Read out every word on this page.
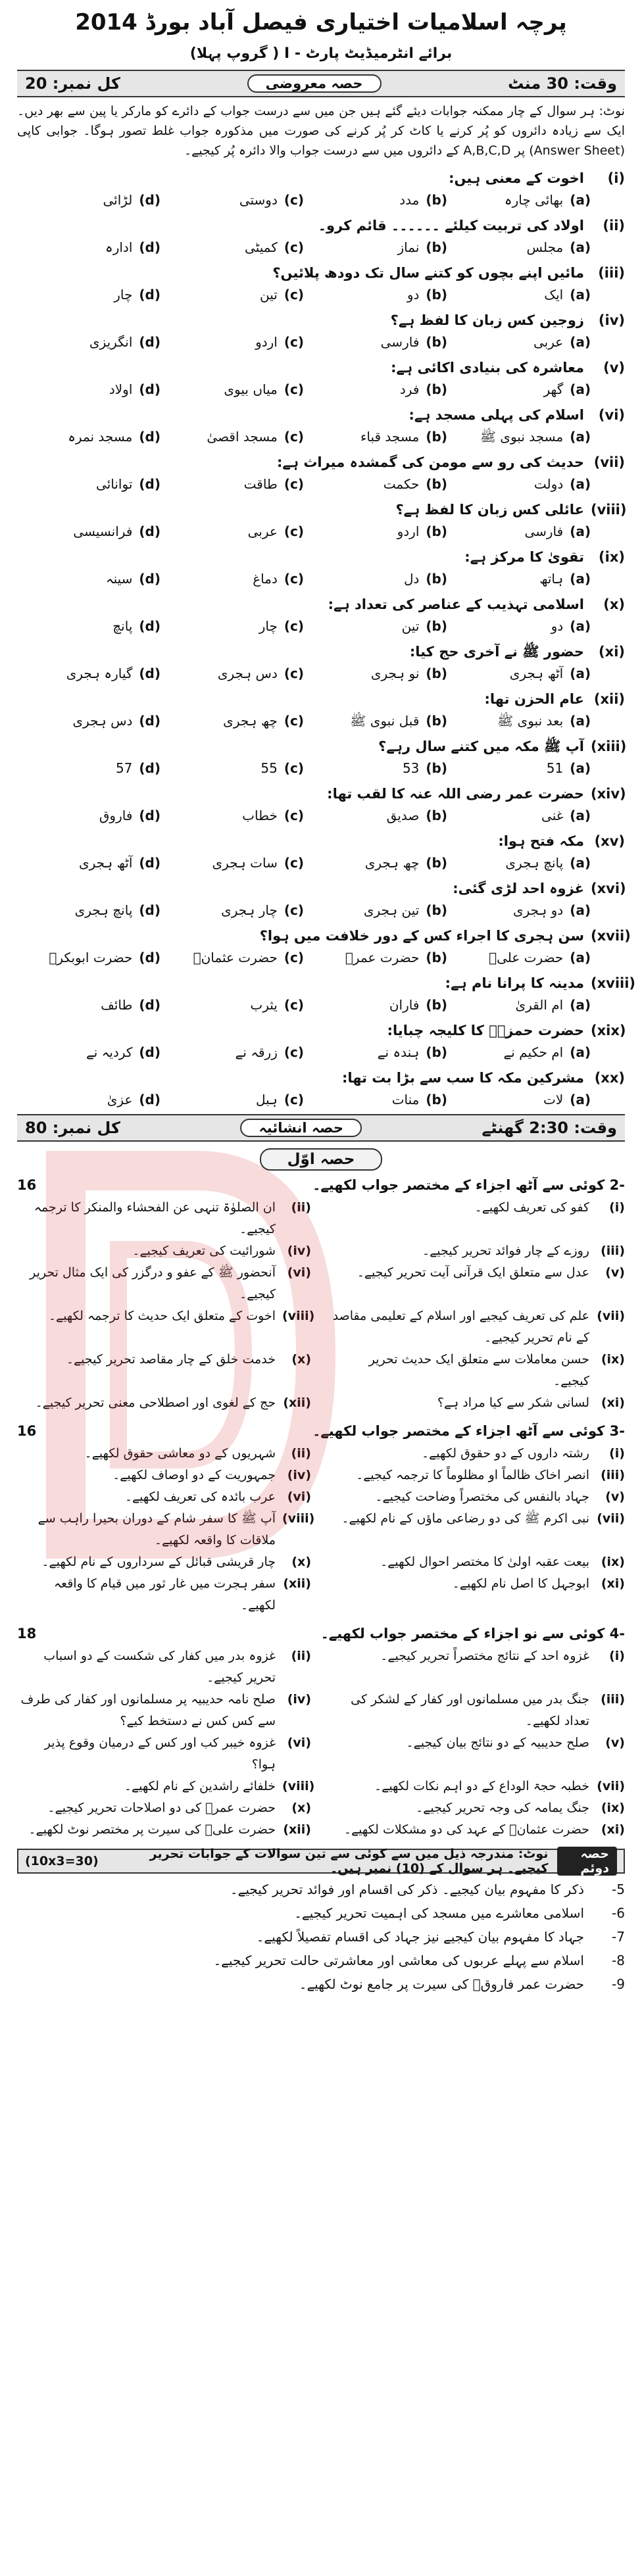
پرچہ اسلامیات اختیاری فیصل آباد بورڈ 2014
برائے انٹرمیڈیٹ پارٹ - I ( گروپ پہلا)
وقت: 30 منٹ
حصہ معروضی
کل نمبر: 20
نوٹ: ہر سوال کے چار ممکنہ جوابات دیئے گئے ہیں جن میں سے درست جواب کے دائرے کو مارکر یا پین سے بھر دیں۔ ایک سے زیادہ دائروں کو پُر کرنے یا کاٹ کر پُر کرنے کی صورت میں مذکورہ جواب غلط تصور ہوگا۔ جوابی کاپی (Answer Sheet) پر A,B,C,D کے دائروں میں سے درست جواب والا دائرہ پُر کیجیے۔
(i)
اخوت کے معنی ہیں:
(a)
بھائی چارہ
(b)
مدد
(c)
دوستی
(d)
لڑائی
(ii)
اولاد کی تربیت کیلئے ۔۔۔۔۔۔ قائم کرو۔
(a)
مجلس
(b)
نماز
(c)
کمیٹی
(d)
ادارہ
(iii)
مائیں اپنے بچوں کو کتنے سال تک دودھ پلائیں؟
(a)
ایک
(b)
دو
(c)
تین
(d)
چار
(iv)
زوجین کس زبان کا لفظ ہے؟
(a)
عربی
(b)
فارسی
(c)
اردو
(d)
انگریزی
(v)
معاشرہ کی بنیادی اکائی ہے:
(a)
گھر
(b)
فرد
(c)
میاں بیوی
(d)
اولاد
(vi)
اسلام کی پہلی مسجد ہے:
(a)
مسجد نبوی ﷺ
(b)
مسجد قباء
(c)
مسجد اقصیٰ
(d)
مسجد نمرہ
(vii)
حدیث کی رو سے مومن کی گمشدہ میراث ہے:
(a)
دولت
(b)
حکمت
(c)
طاقت
(d)
توانائی
(viii)
عائلی کس زبان کا لفظ ہے؟
(a)
فارسی
(b)
اردو
(c)
عربی
(d)
فرانسیسی
(ix)
تقویٰ کا مرکز ہے:
(a)
ہاتھ
(b)
دل
(c)
دماغ
(d)
سینہ
(x)
اسلامی تہذیب کے عناصر کی تعداد ہے:
(a)
دو
(b)
تین
(c)
چار
(d)
پانچ
(xi)
حضور ﷺ نے آخری حج کیا:
(a)
آٹھ ہجری
(b)
نو ہجری
(c)
دس ہجری
(d)
گیارہ ہجری
(xii)
عام الحزن تھا:
(a)
بعد نبوی ﷺ
(b)
قبل نبوی ﷺ
(c)
چھ ہجری
(d)
دس ہجری
(xiii)
آپ ﷺ مکہ میں کتنے سال رہے؟
(a)
51
(b)
53
(c)
55
(d)
57
(xiv)
حضرت عمر رضی اللہ عنہ کا لقب تھا:
(a)
غنی
(b)
صدیق
(c)
خطاب
(d)
فاروق
(xv)
مکہ فتح ہوا:
(a)
پانچ ہجری
(b)
چھ ہجری
(c)
سات ہجری
(d)
آٹھ ہجری
(xvi)
غزوہ احد لڑی گئی:
(a)
دو ہجری
(b)
تین ہجری
(c)
چار ہجری
(d)
پانچ ہجری
(xvii)
سن ہجری کا اجراء کس کے دور خلافت میں ہوا؟
(a)
حضرت علیؓ
(b)
حضرت عمرؓ
(c)
حضرت عثمانؓ
(d)
حضرت ابوبکرؓ
(xviii)
مدینہ کا پرانا نام ہے:
(a)
ام القریٰ
(b)
فاران
(c)
یثرب
(d)
طائف
(xix)
حضرت حمزہؓ کا کلیجہ چبایا:
(a)
ام حکیم نے
(b)
ہندہ نے
(c)
زرقہ نے
(d)
کردیہ نے
(xx)
مشرکین مکہ کا سب سے بڑا بت تھا:
(a)
لات
(b)
منات
(c)
ہبل
(d)
عزیٰ
وقت: 2:30 گھنٹے
حصہ انشائیہ
کل نمبر: 80
حصہ اوّل
-2 کوئی سے آٹھ اجزاء کے مختصر جواب لکھیے۔
16
(i)
کفو کی تعریف لکھیے۔
(ii)
ان الصلوٰۃ تنہی عن الفحشاء والمنکر کا ترجمہ کیجیے۔
(iii)
روزے کے چار فوائد تحریر کیجیے۔
(iv)
شورائیت کی تعریف کیجیے۔
(v)
عدل سے متعلق ایک قرآنی آیت تحریر کیجیے۔
(vi)
آنحضور ﷺ کے عفو و درگزر کی ایک مثال تحریر کیجیے۔
(vii)
علم کی تعریف کیجیے اور اسلام کے تعلیمی مقاصد کے نام تحریر کیجیے۔
(viii)
اخوت کے متعلق ایک حدیث کا ترجمہ لکھیے۔
(ix)
حسن معاملات سے متعلق ایک حدیث تحریر کیجیے۔
(x)
خدمت خلق کے چار مقاصد تحریر کیجیے۔
(xi)
لسانی شکر سے کیا مراد ہے؟
(xii)
حج کے لغوی اور اصطلاحی معنی تحریر کیجیے۔
-3 کوئی سے آٹھ اجزاء کے مختصر جواب لکھیے۔
16
(i)
رشتہ داروں کے دو حقوق لکھیے۔
(ii)
شہریوں کے دو معاشی حقوق لکھیے۔
(iii)
انصر اخاک ظالماً او مظلوماً کا ترجمہ کیجیے۔
(iv)
جمہوریت کے دو اوصاف لکھیے۔
(v)
جہاد بالنفس کی مختصراً وضاحت کیجیے۔
(vi)
عرب بائدہ کی تعریف لکھیے۔
(vii)
نبی اکرم ﷺ کی دو رضاعی ماؤں کے نام لکھیے۔
(viii)
آپ ﷺ کا سفر شام کے دوران بحیرا راہب سے ملاقات کا واقعہ لکھیے۔
(ix)
بیعت عقبہ اولیٰ کا مختصر احوال لکھیے۔
(x)
چار قریشی قبائل کے سرداروں کے نام لکھیے۔
(xi)
ابوجہل کا اصل نام لکھیے۔
(xii)
سفر ہجرت میں غار ثور میں قیام کا واقعہ لکھیے۔
-4 کوئی سے نو اجزاء کے مختصر جواب لکھیے۔
18
(i)
غزوہ احد کے نتائج مختصراً تحریر کیجیے۔
(ii)
غزوہ بدر میں کفار کی شکست کے دو اسباب تحریر کیجیے۔
(iii)
جنگ بدر میں مسلمانوں اور کفار کے لشکر کی تعداد لکھیے۔
(iv)
صلح نامہ حدیبیہ پر مسلمانوں اور کفار کی طرف سے کس کس نے دستخط کیے؟
(v)
صلح حدیبیہ کے دو نتائج بیان کیجیے۔
(vi)
غزوہ خیبر کب اور کس کے درمیان وقوع پذیر ہوا؟
(vii)
خطبہ حجۃ الوداع کے دو اہم نکات لکھیے۔
(viii)
خلفائے راشدین کے نام لکھیے۔
(ix)
جنگ یمامہ کی وجہ تحریر کیجیے۔
(x)
حضرت عمرؓ کی دو اصلاحات تحریر کیجیے۔
(xi)
حضرت عثمانؓ کے عہد کی دو مشکلات لکھیے۔
(xii)
حضرت علیؓ کی سیرت پر مختصر نوٹ لکھیے۔
حصہ دوئم
نوٹ: مندرجہ ذیل میں سے کوئی سے تین سوالات کے جوابات تحریر کیجیے۔ ہر سوال کے (10) نمبر ہیں۔
(10x3=30)
-5
ذکر کا مفہوم بیان کیجیے۔ ذکر کی اقسام اور فوائد تحریر کیجیے۔
-6
اسلامی معاشرے میں مسجد کی اہمیت تحریر کیجیے۔
-7
جہاد کا مفہوم بیان کیجیے نیز جہاد کی اقسام تفصیلاً لکھیے۔
-8
اسلام سے پہلے عربوں کی معاشی اور معاشرتی حالت تحریر کیجیے۔
-9
حضرت عمر فاروقؓ کی سیرت پر جامع نوٹ لکھیے۔
